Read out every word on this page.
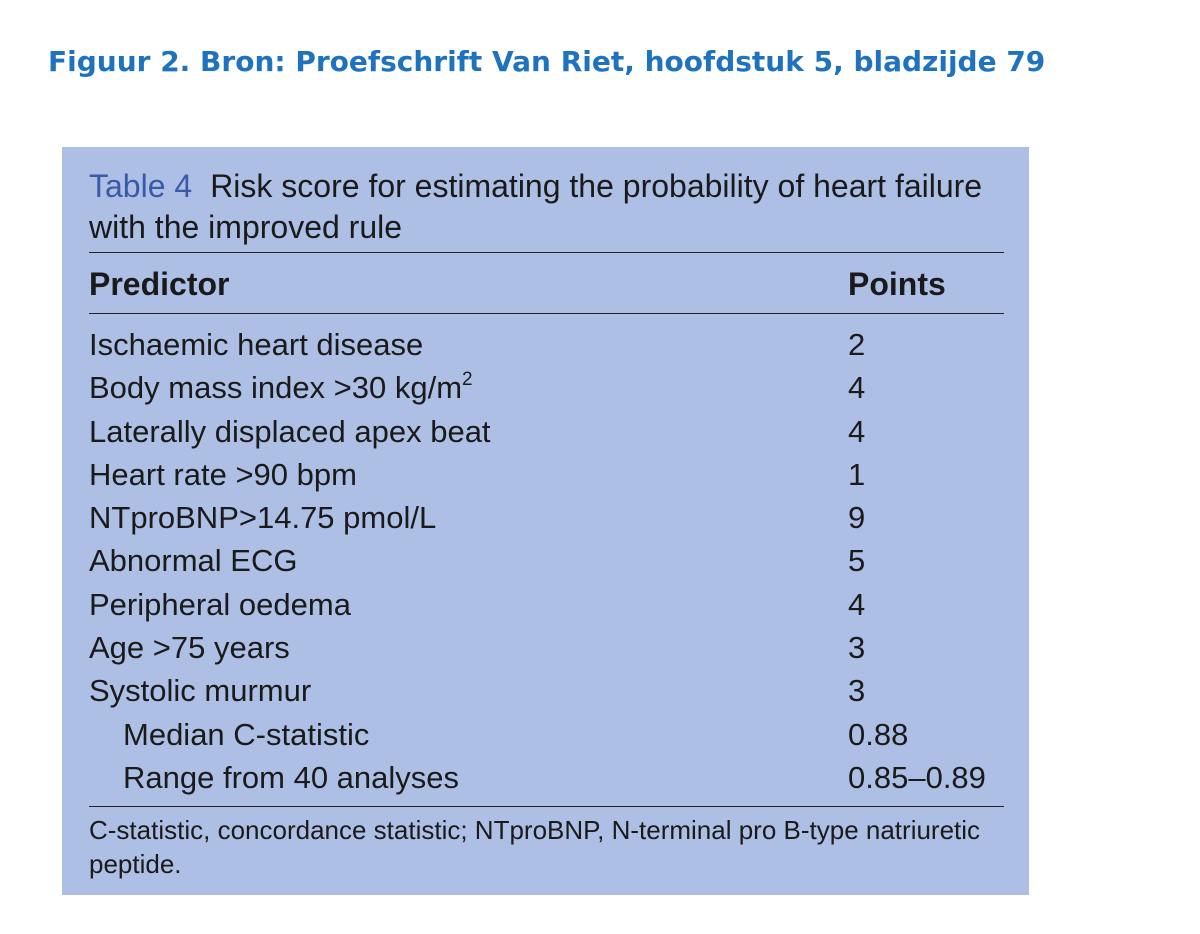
Figuur 2. Bron: Proefschrift Van Riet, hoofdstuk 5, bladzijde 79

Table 4 Risk score for estimating the probability of heart failure with the improved rule

Predictor	Points
Ischaemic heart disease	2
Body mass index >30 $kg/m^2$	4
Laterally displaced apex beat	4
Heart rate >90 bpm	1
NTproBNP>14.75 pmol/L	9
Abnormal ECG	5
Peripheral oedema	4
Age >75 years	3
Systolic murmur	3
Median C-statistic	0.88
Range from 40 analyses	0.85–0.89

C-statistic, concordance statistic; NTproBNP, N-terminal pro B-type natriuretic peptide.
